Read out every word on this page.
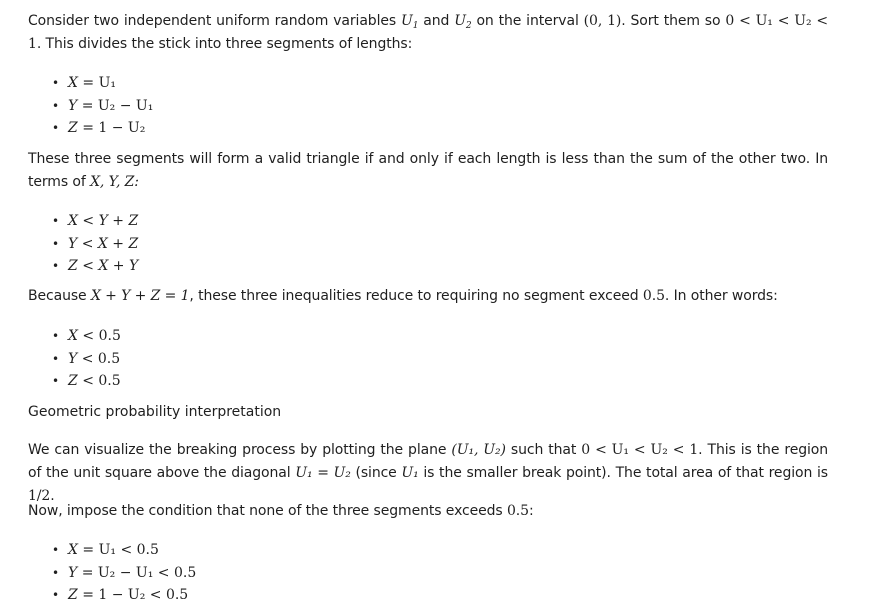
Consider two independent uniform random variables $U_1$ and $U_2$ on the interval (0, 1). Sort them so 0 < U₁ < U₂ < 1. This divides the stick into three segments of lengths:
• X = U₁
• Y = U₂ − U₁
• Z = 1 − U₂
These three segments will form a valid triangle if and only if each length is less than the sum of the other two. In terms of X, Y, Z:
• X < Y + Z
• Y < X + Z
• Z < X + Y
Because X + Y + Z = 1, these three inequalities reduce to requiring no segment exceed 0.5. In other words:
• X < 0.5
• Y < 0.5
• Z < 0.5
Geometric probability interpretation
We can visualize the breaking process by plotting the plane (U₁, U₂) such that 0 < U₁ < U₂ < 1. This is the region of the unit square above the diagonal U₁ = U₂ (since U₁ is the smaller break point). The total area of that region is 1/2.
Now, impose the condition that none of the three segments exceeds 0.5:
• X = U₁ < 0.5
• Y = U₂ − U₁ < 0.5
• Z = 1 − U₂ < 0.5
